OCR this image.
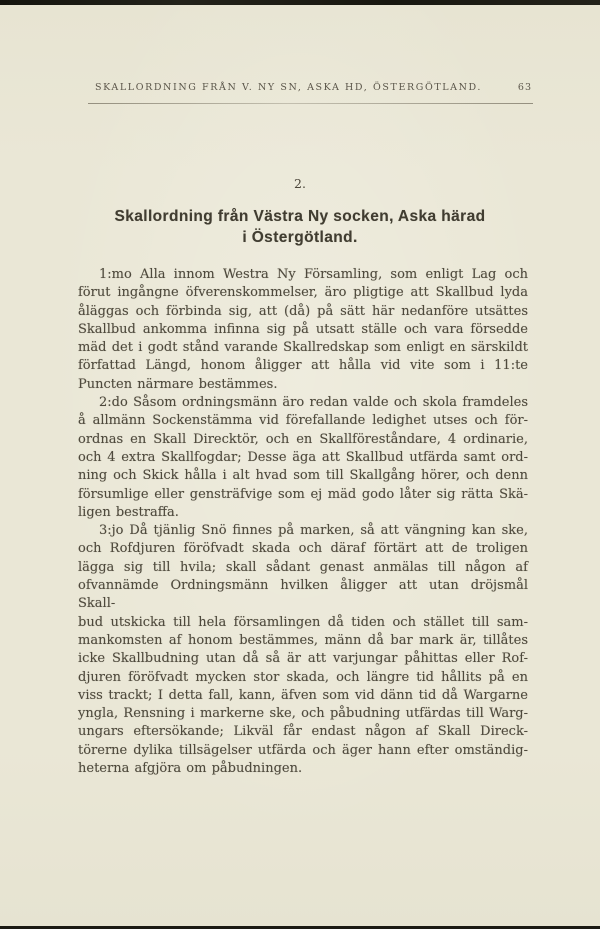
SKALLORDNING FRÅN V. NY SN, ASKA HD, ÖSTERGÖTLAND.	63
2.
Skallordning från Västra Ny socken, Aska härad
i Östergötland.
1:mo Alla innom Westra Ny Församling, som enligt Lag och
förut ingångne öfverenskommelser, äro pligtige att Skallbud lyda
åläggas och förbinda sig, att (då) på sätt här nedanföre utsättes
Skallbud ankomma infinna sig på utsatt ställe och vara försedde
mäd det i godt stånd varande Skallredskap som enligt en särskildt
författad Längd, honom åligger att hålla vid vite som i 11:te
Puncten närmare bestämmes.
2:do Såsom ordningsmänn äro redan valde och skola framdeles
å allmänn Sockenstämma vid förefallande ledighet utses och för-
ordnas en Skall Direcktör, och en Skallföreståndare, 4 ordinarie,
och 4 extra Skallfogdar; Desse äga att Skallbud utfärda samt ord-
ning och Skick hålla i alt hvad som till Skallgång hörer, och denn
försumlige eller gensträfvige som ej mäd godo låter sig rätta Skä-
ligen bestraffa.
3:jo Då tjänlig Snö finnes på marken, så att vängning kan ske,
och Rofdjuren föröfvadt skada och däraf förtärt att de troligen
lägga sig till hvila; skall sådant genast anmälas till någon af
ofvannämde Ordningsmänn hvilken åligger att utan dröjsmål Skall-
bud utskicka till hela församlingen då tiden och stället till sam-
mankomsten af honom bestämmes, männ då bar mark är, tillåtes
icke Skallbudning utan då så är att varjungar påhittas eller Rof-
djuren föröfvadt mycken stor skada, och längre tid hållits på en
viss trackt; I detta fall, kann, äfven som vid dänn tid då Wargarne
yngla, Rensning i markerne ske, och påbudning utfärdas till Warg-
ungars eftersökande; Likväl får endast någon af Skall Direck-
törerne dylika tillsägelser utfärda och äger hann efter omständig-
heterna afgjöra om påbudningen.
